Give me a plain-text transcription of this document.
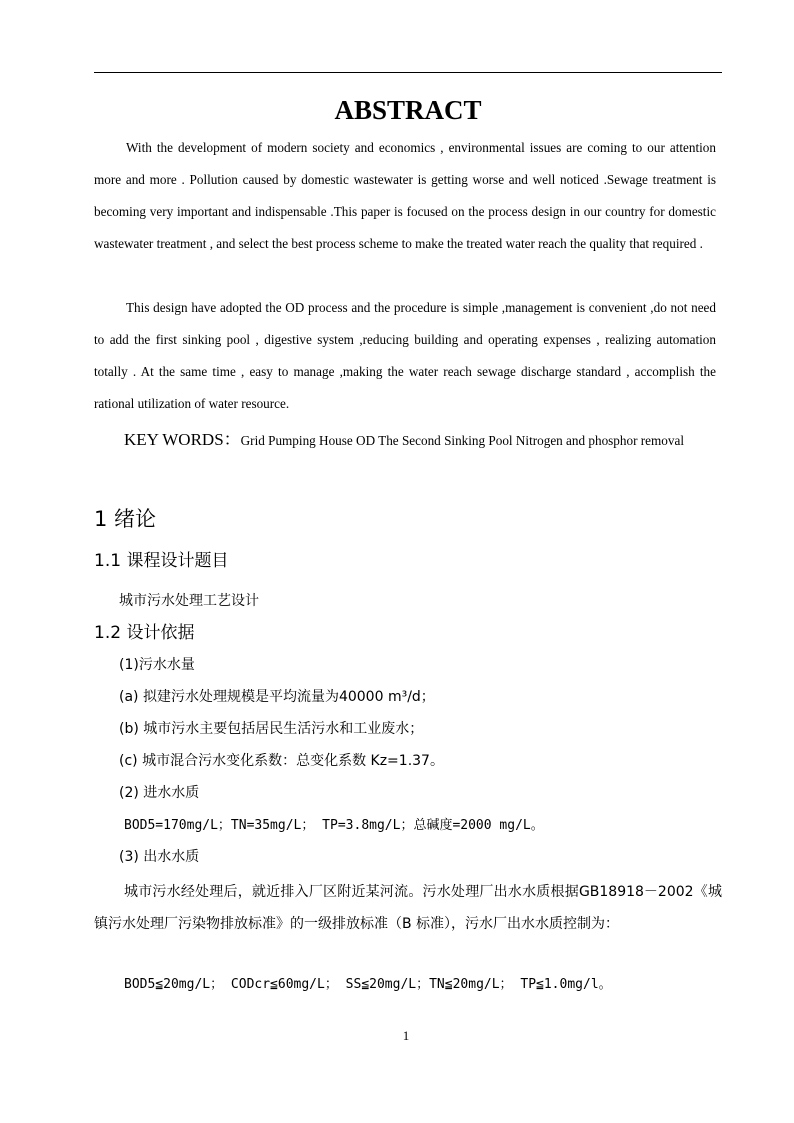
ABSTRACT
With the development of modern society and economics , environmental issues are coming to our attention more and more . Pollution caused by domestic wastewater is getting worse and well noticed .Sewage treatment is becoming very important and indispensable .This paper is focused on the process design in our country for domestic wastewater treatment , and select the best process scheme to make the treated water reach the quality that required .
This design have adopted the OD process and the procedure is simple ,management is convenient ,do not need to add the first sinking pool , digestive system ,reducing building and operating expenses , realizing automation totally . At the same time , easy to manage ,making the water reach sewage discharge standard , accomplish the rational utilization of water resource.
KEY WORDS：Grid Pumping House OD The Second Sinking Pool Nitrogen and phosphor removal
1 绪论
1.1 课程设计题目
城市污水处理工艺设计
1.2 设计依据
(1)污水水量
(a) 拟建污水处理规模是平均流量为40000 m³/d；
(b) 城市污水主要包括居民生活污水和工业废水；
(c) 城市混合污水变化系数：总变化系数 Kz=1.37。
(2) 进水水质
BOD5=170mg/L；TN=35mg/L； TP=3.8mg/L；总碱度=2000 mg/L。
(3) 出水水质
城市污水经处理后，就近排入厂区附近某河流。污水处理厂出水水质根据GB18918－2002《城镇污水处理厂污染物排放标准》的一级排放标准（B 标准），污水厂出水水质控制为：
BOD5≦20mg/L； CODcr≦60mg/L； SS≦20mg/L；TN≦20mg/L； TP≦1.0mg/l。
1
